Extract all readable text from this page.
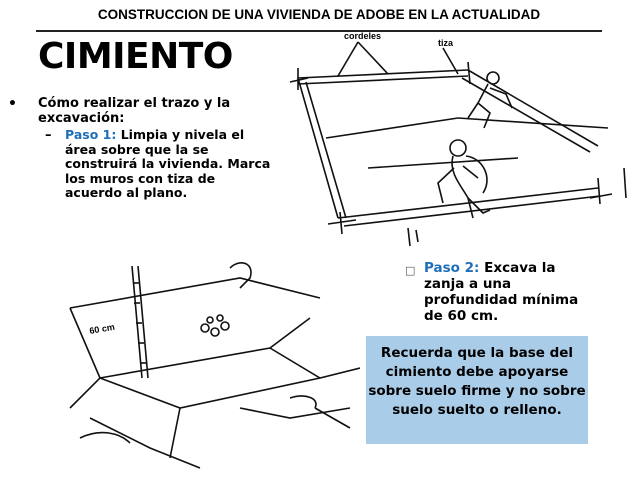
CONSTRUCCION DE UNA VIVIENDA DE ADOBE EN LA ACTUALIDAD
CIMIENTO
• Cómo realizar el trazo y la excavación:
– Paso 1: Limpia y nivela el área sobre que la se construirá la vivienda. Marca los muros con tiza de acuerdo al plano.
cordeles
tiza
60 cm
□ Paso 2: Excava la zanja a una profundidad mínima de 60 cm.
Recuerda que la base del cimiento debe apoyarse sobre suelo firme y no sobre suelo suelto o relleno.
